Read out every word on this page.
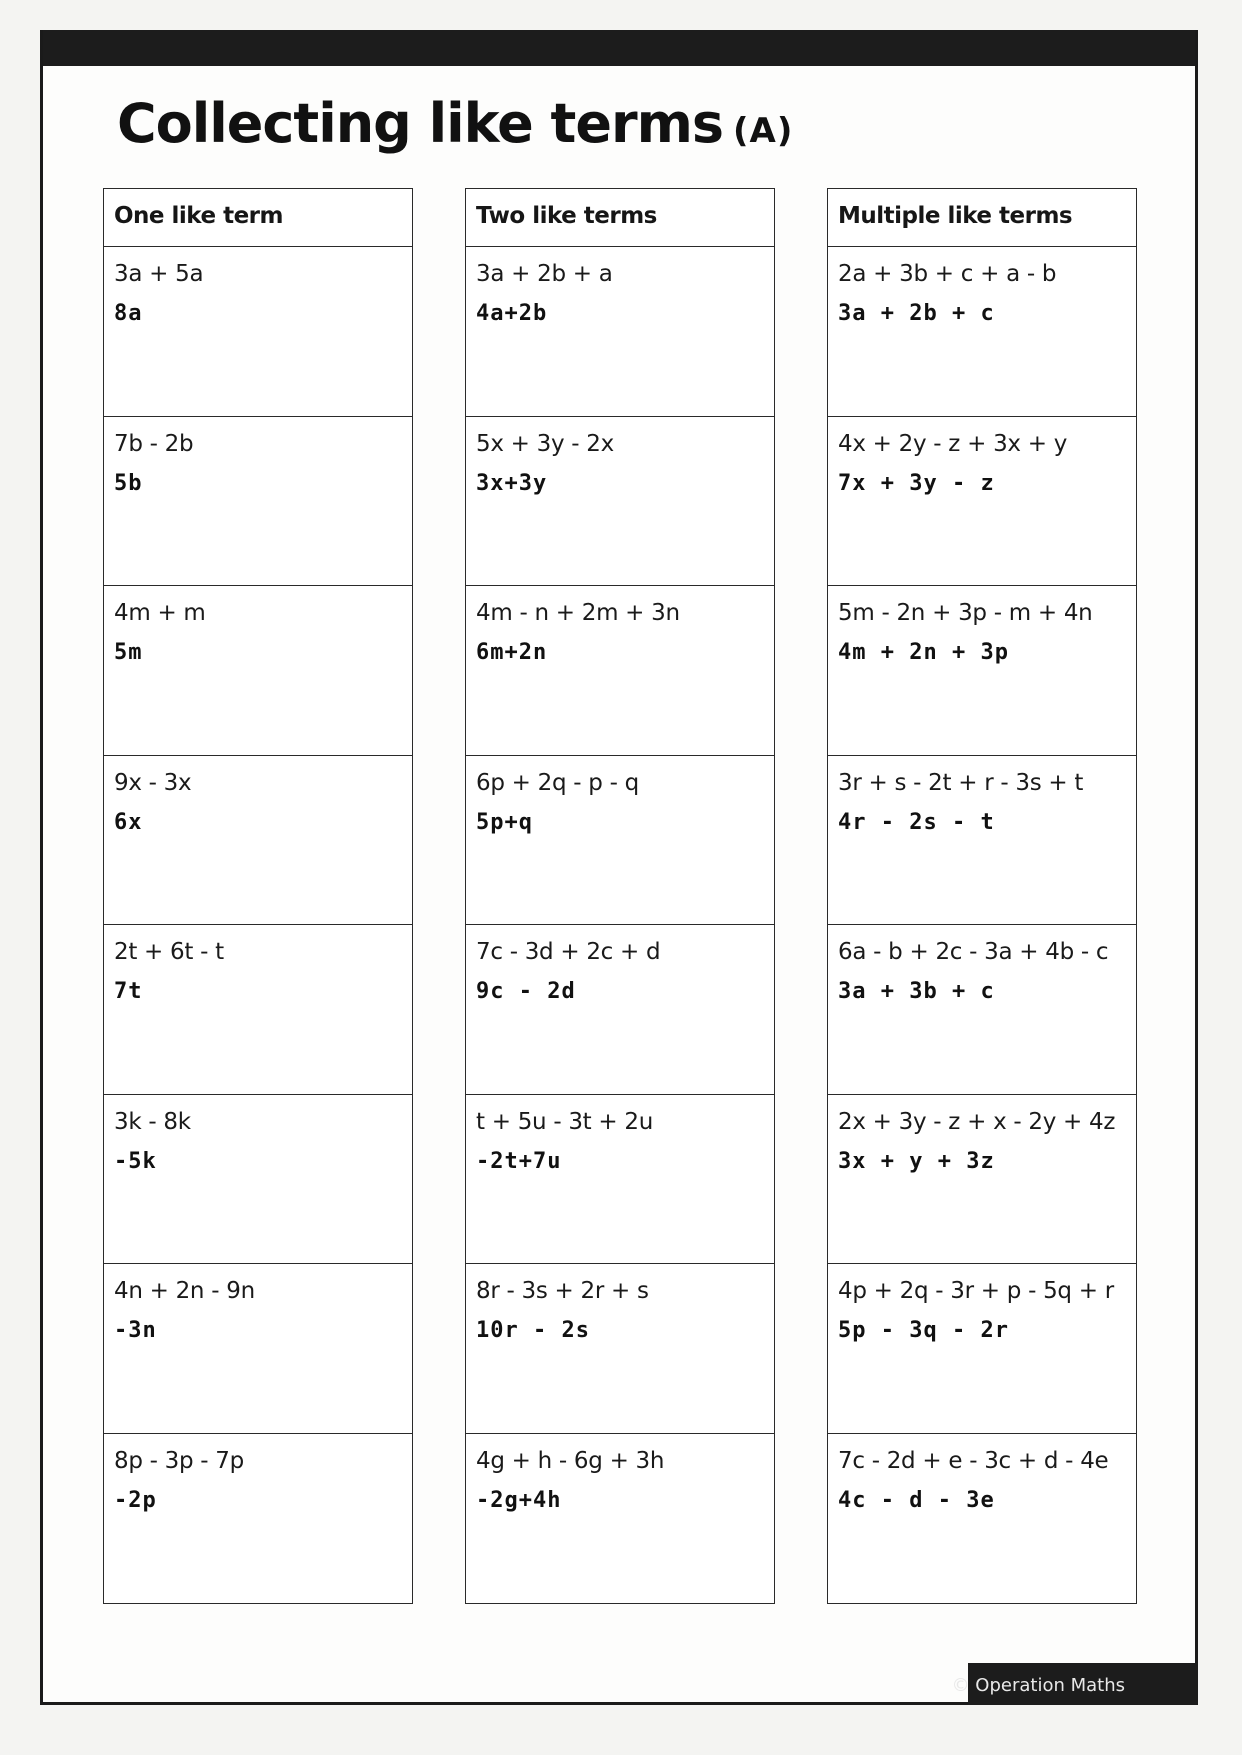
Collecting like terms (A)
One like term
3a + 5a
8a
7b - 2b
5b
4m + m
5m
9x - 3x
6x
2t + 6t - t
7t
3k - 8k
-5k
4n + 2n - 9n
-3n
8p - 3p - 7p
-2p
Two like terms
3a + 2b + a
4a+2b
5x + 3y - 2x
3x+3y
4m - n + 2m + 3n
6m+2n
6p + 2q - p - q
5p+q
7c - 3d + 2c + d
9c - 2d
t + 5u - 3t + 2u
-2t+7u
8r - 3s + 2r + s
10r - 2s
4g + h - 6g + 3h
-2g+4h
Multiple like terms
2a + 3b + c + a - b
3a + 2b + c
4x + 2y - z + 3x + y
7x + 3y - z
5m - 2n + 3p - m + 4n
4m + 2n + 3p
3r + s - 2t + r - 3s + t
4r - 2s - t
6a - b + 2c - 3a + 4b - c
3a + 3b + c
2x + 3y - z + x - 2y + 4z
3x + y + 3z
4p + 2q - 3r + p - 5q + r
5p - 3q - 2r
7c - 2d + e - 3c + d - 4e
4c - d - 3e
© Operation Maths
